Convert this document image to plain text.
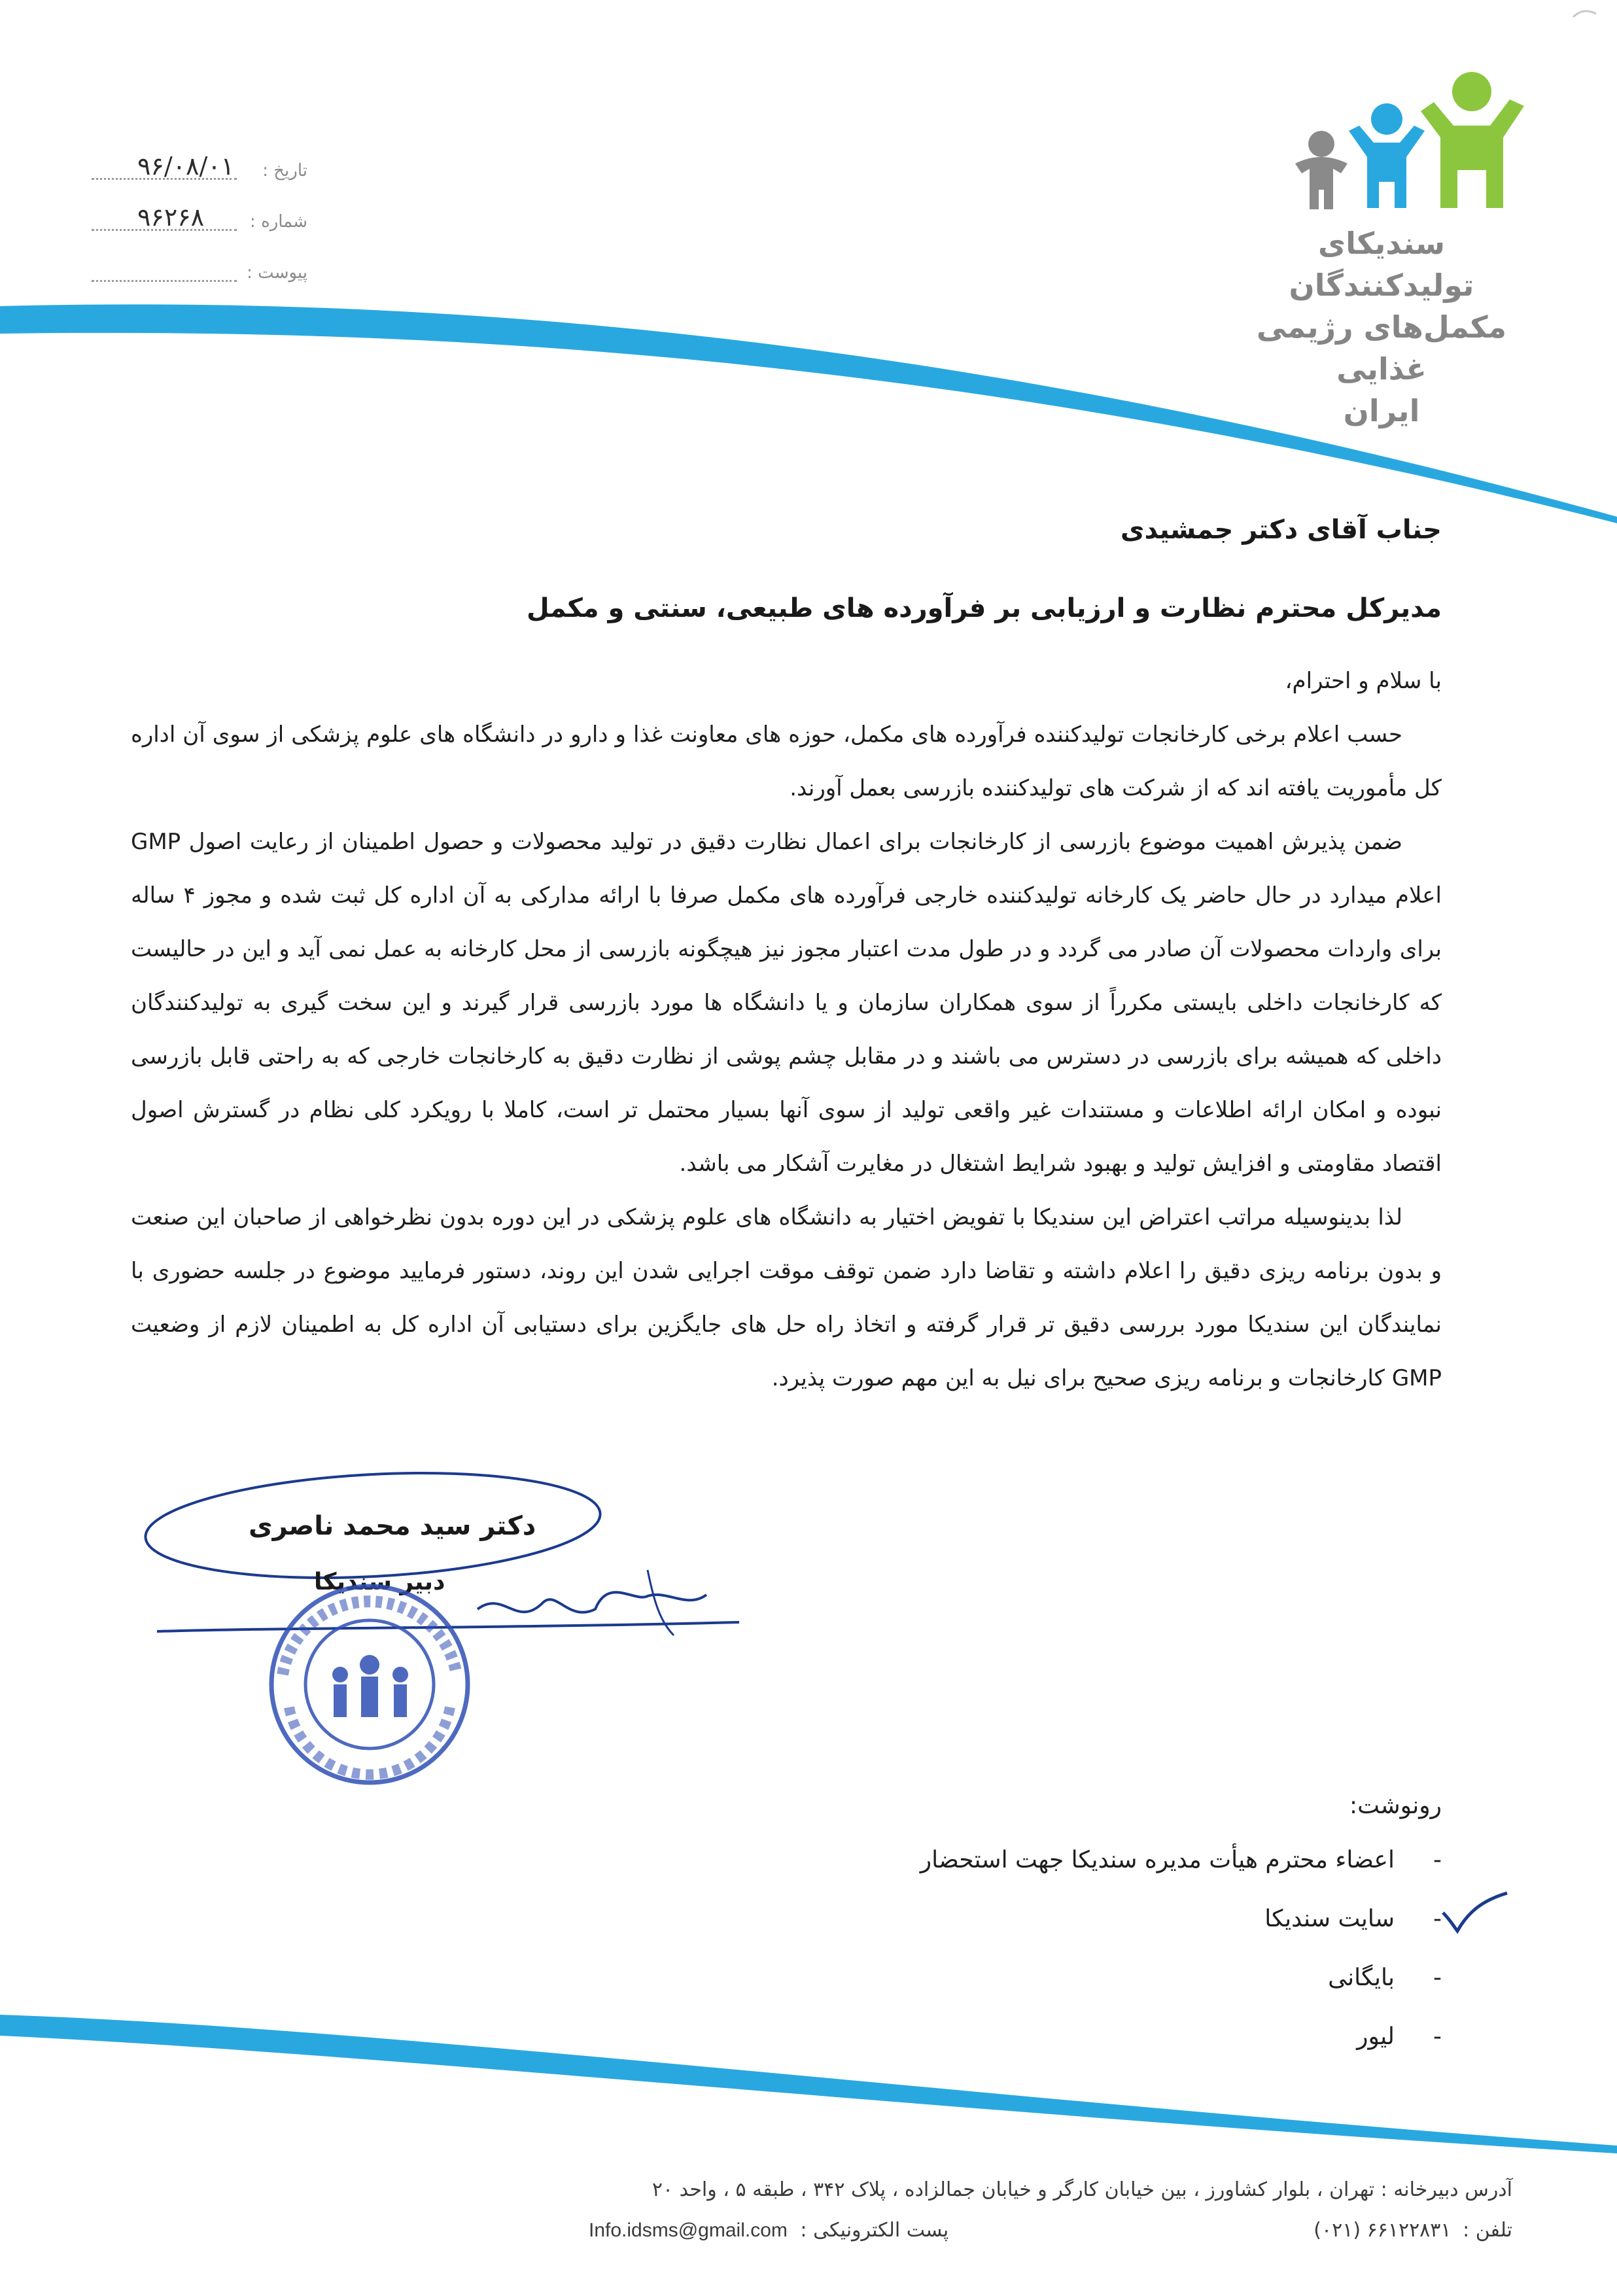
تاریخ :
۹۶/۰۸/۰۱
شماره :
۹۶۲۶۸
پیوست :
سندیکای تولیدکنندگان
مکمل‌های رژیمی غذایی
ایران
جناب آقای دکتر جمشیدی
مدیرکل محترم نظارت و ارزیابی بر فرآورده های طبیعی، سنتی و مکمل
با سلام و احترام،
حسب اعلام برخی کارخانجات تولیدکننده فرآورده های مکمل، حوزه های معاونت غذا و دارو در دانشگاه های علوم پزشکی از سوی آن اداره کل مأموریت یافته اند که از شرکت های تولیدکننده بازرسی بعمل آورند.
ضمن پذیرش اهمیت موضوع بازرسی از کارخانجات برای اعمال نظارت دقیق در تولید محصولات و حصول اطمینان از رعایت اصول GMP اعلام میدارد در حال حاضر یک کارخانه تولیدکننده خارجی فرآورده های مکمل صرفا با ارائه مدارکی به آن اداره کل ثبت شده و مجوز ۴ ساله برای واردات محصولات آن صادر می گردد و در طول مدت اعتبار مجوز نیز هیچگونه بازرسی از محل کارخانه به عمل نمی آید و این در حالیست که کارخانجات داخلی بایستی مکرراً از سوی همکاران سازمان و یا دانشگاه ها مورد بازرسی قرار گیرند و این سخت گیری به تولیدکنندگان داخلی که همیشه برای بازرسی در دسترس می باشند و در مقابل چشم پوشی از نظارت دقیق به کارخانجات خارجی که به راحتی قابل بازرسی نبوده و امکان ارائه اطلاعات و مستندات غیر واقعی تولید از سوی آنها بسیار محتمل تر است، کاملا با رویکرد کلی نظام در گسترش اصول اقتصاد مقاومتی و افزایش تولید و بهبود شرایط اشتغال در مغایرت آشکار می باشد.
لذا بدینوسیله مراتب اعتراض این سندیکا با تفویض اختیار به دانشگاه های علوم پزشکی در این دوره بدون نظرخواهی از صاحبان این صنعت و بدون برنامه ریزی دقیق را اعلام داشته و تقاضا دارد ضمن توقف موقت اجرایی شدن این روند، دستور فرمایید موضوع در جلسه حضوری با نمایندگان این سندیکا مورد بررسی دقیق تر قرار گرفته و اتخاذ راه حل های جایگزین برای دستیابی آن اداره کل به اطمینان لازم از وضعیت GMP کارخانجات و برنامه ریزی صحیح برای نیل به این مهم صورت پذیرد.
دکتر سید محمد ناصری
دبیر سندیکا
رونوشت:
-
اعضاء محترم هیأت مدیره سندیکا جهت استحضار
-
سایت سندیکا
-
بایگانی
-
لیور
آدرس دبیرخانه : تهران ، بلوار کشاورز ، بین خیابان کارگر و خیابان جمالزاده ، پلاک ۳۴۲ ، طبقه ۵ ، واحد ۲۰
تلفن : ۶۶۱۲۲۸۳۱ (۰۲۱)
پست الکترونیکی : Info.idsms@gmail.com
